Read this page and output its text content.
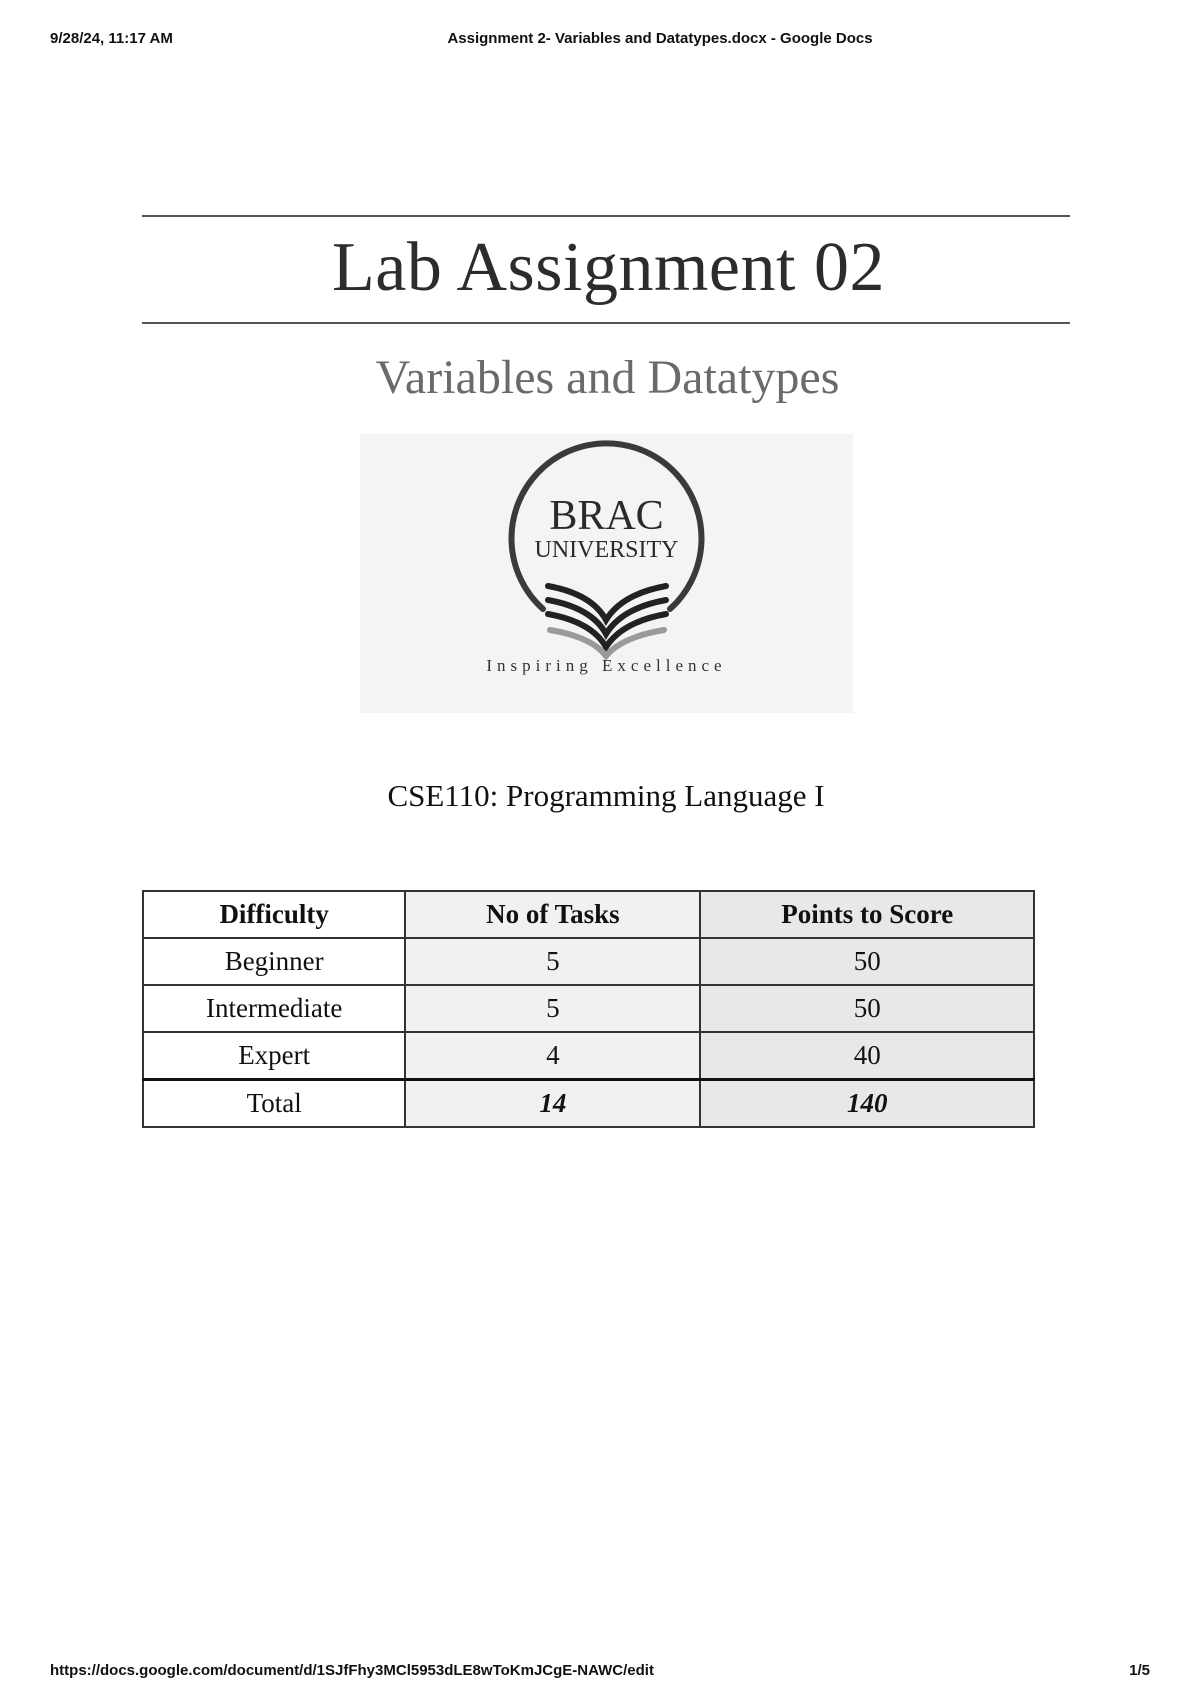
9/28/24, 11:17 AM	Assignment 2- Variables and Datatypes.docx - Google Docs
Lab Assignment 02
Variables and Datatypes
BRAC
UNIVERSITY
Inspiring Excellence
CSE110: Programming Language I
Difficulty	No of Tasks	Points to Score
Beginner	5	50
Intermediate	5	50
Expert	4	40
Total	14	140
https://docs.google.com/document/d/1SJfFhy3MCl5953dLE8wToKmJCgE-NAWC/edit	1/5
